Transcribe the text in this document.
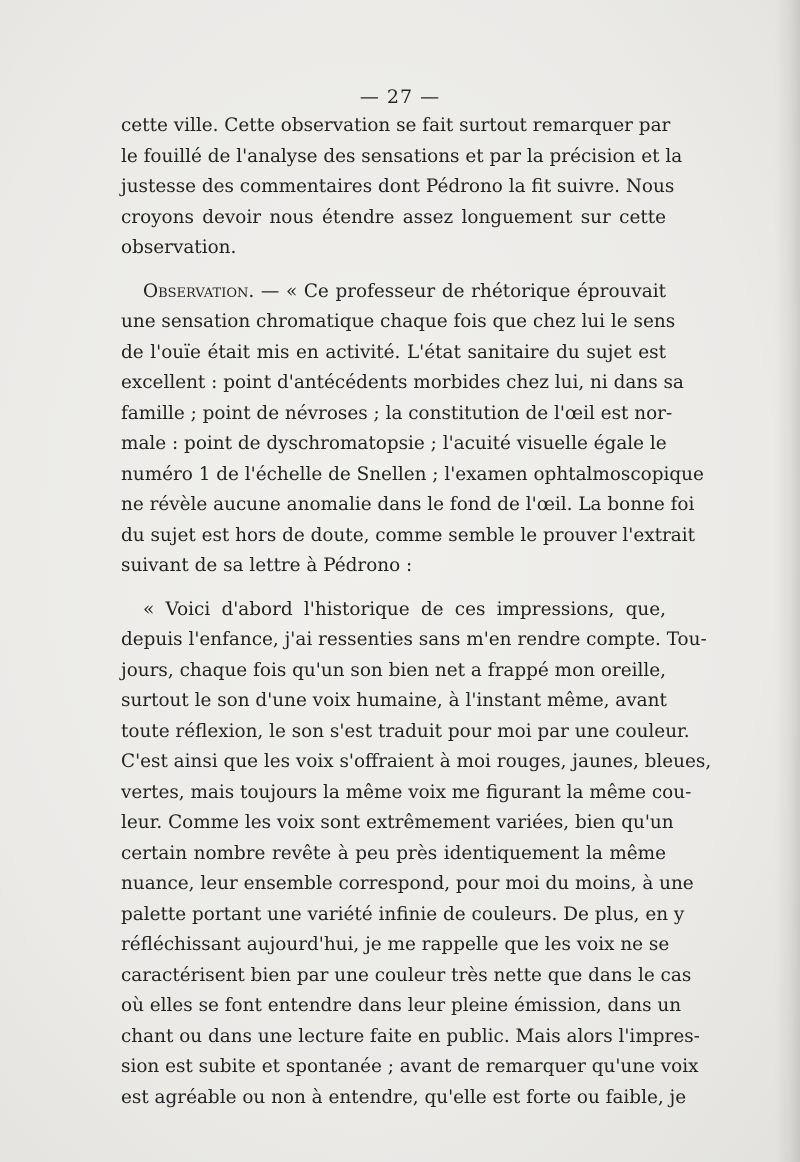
— 27 —
cette ville. Cette observation se fait surtout remarquer par
le fouillé de l'analyse des sensations et par la précision et la
justesse des commentaires dont Pédrono la fit suivre. Nous
croyons devoir nous étendre assez longuement sur cette
observation.
Observation. — « Ce professeur de rhétorique éprouvait
une sensation chromatique chaque fois que chez lui le sens
de l'ouïe était mis en activité. L'état sanitaire du sujet est
excellent : point d'antécédents morbides chez lui, ni dans sa
famille ; point de névroses ; la constitution de l'œil est nor-
male : point de dyschromatopsie ; l'acuité visuelle égale le
numéro 1 de l'échelle de Snellen ; l'examen ophtalmoscopique
ne révèle aucune anomalie dans le fond de l'œil. La bonne foi
du sujet est hors de doute, comme semble le prouver l'extrait
suivant de sa lettre à Pédrono :
« Voici d'abord l'historique de ces impressions, que,
depuis l'enfance, j'ai ressenties sans m'en rendre compte. Tou-
jours, chaque fois qu'un son bien net a frappé mon oreille,
surtout le son d'une voix humaine, à l'instant même, avant
toute réflexion, le son s'est traduit pour moi par une couleur.
C'est ainsi que les voix s'offraient à moi rouges, jaunes, bleues,
vertes, mais toujours la même voix me figurant la même cou-
leur. Comme les voix sont extrêmement variées, bien qu'un
certain nombre revête à peu près identiquement la même
nuance, leur ensemble correspond, pour moi du moins, à une
palette portant une variété infinie de couleurs. De plus, en y
réfléchissant aujourd'hui, je me rappelle que les voix ne se
caractérisent bien par une couleur très nette que dans le cas
où elles se font entendre dans leur pleine émission, dans un
chant ou dans une lecture faite en public. Mais alors l'impres-
sion est subite et spontanée ; avant de remarquer qu'une voix
est agréable ou non à entendre, qu'elle est forte ou faible, je
